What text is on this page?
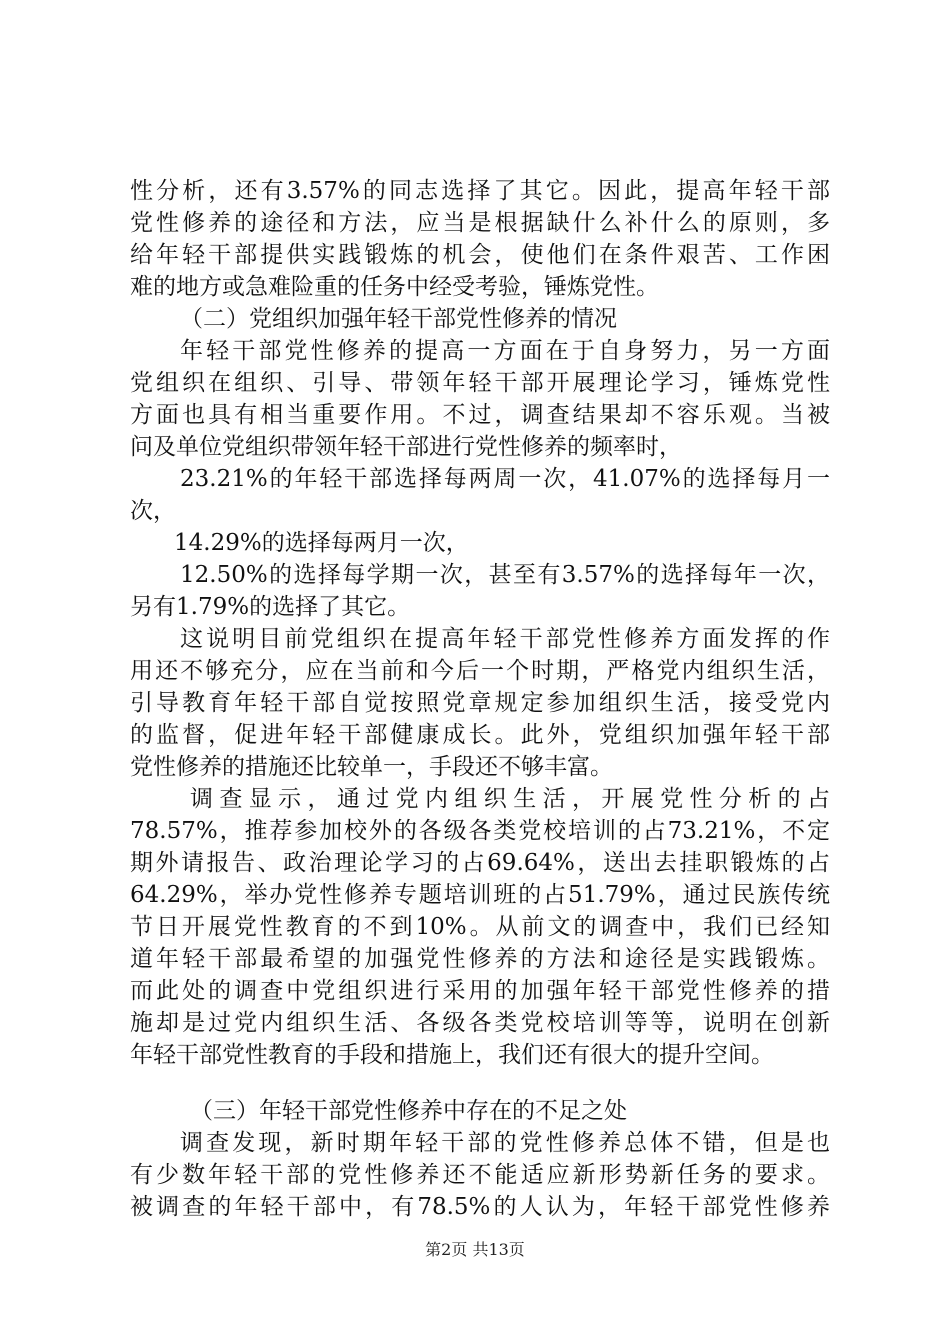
性分析，还有3.57%的同志选择了其它。因此，提高年轻干部
党性修养的途径和方法，应当是根据缺什么补什么的原则，多
给年轻干部提供实践锻炼的机会，使他们在条件艰苦、工作困
难的地方或急难险重的任务中经受考验，锤炼党性。
（二）党组织加强年轻干部党性修养的情况
年轻干部党性修养的提高一方面在于自身努力，另一方面
党组织在组织、引导、带领年轻干部开展理论学习，锤炼党性
方面也具有相当重要作用。不过，调查结果却不容乐观。当被
问及单位党组织带领年轻干部进行党性修养的频率时，
23.21%的年轻干部选择每两周一次，41.07%的选择每月一
次，
14.29%的选择每两月一次，
12.50%的选择每学期一次，甚至有3.57%的选择每年一次，
另有1.79%的选择了其它。
这说明目前党组织在提高年轻干部党性修养方面发挥的作
用还不够充分，应在当前和今后一个时期，严格党内组织生活，
引导教育年轻干部自觉按照党章规定参加组织生活，接受党内
的监督，促进年轻干部健康成长。此外，党组织加强年轻干部
党性修养的措施还比较单一，手段还不够丰富。
调查显示，通过党内组织生活，开展党性分析的占
78.57%，推荐参加校外的各级各类党校培训的占73.21%，不定
期外请报告、政治理论学习的占69.64%，送出去挂职锻炼的占
64.29%，举办党性修养专题培训班的占51.79%，通过民族传统
节日开展党性教育的不到10%。从前文的调查中，我们已经知
道年轻干部最希望的加强党性修养的方法和途径是实践锻炼。
而此处的调查中党组织进行采用的加强年轻干部党性修养的措
施却是过党内组织生活、各级各类党校培训等等，说明在创新
年轻干部党性教育的手段和措施上，我们还有很大的提升空间。
（三）年轻干部党性修养中存在的不足之处
调查发现，新时期年轻干部的党性修养总体不错，但是也
有少数年轻干部的党性修养还不能适应新形势新任务的要求。
被调查的年轻干部中，有78.5%的人认为，年轻干部党性修养
第2页 共13页
